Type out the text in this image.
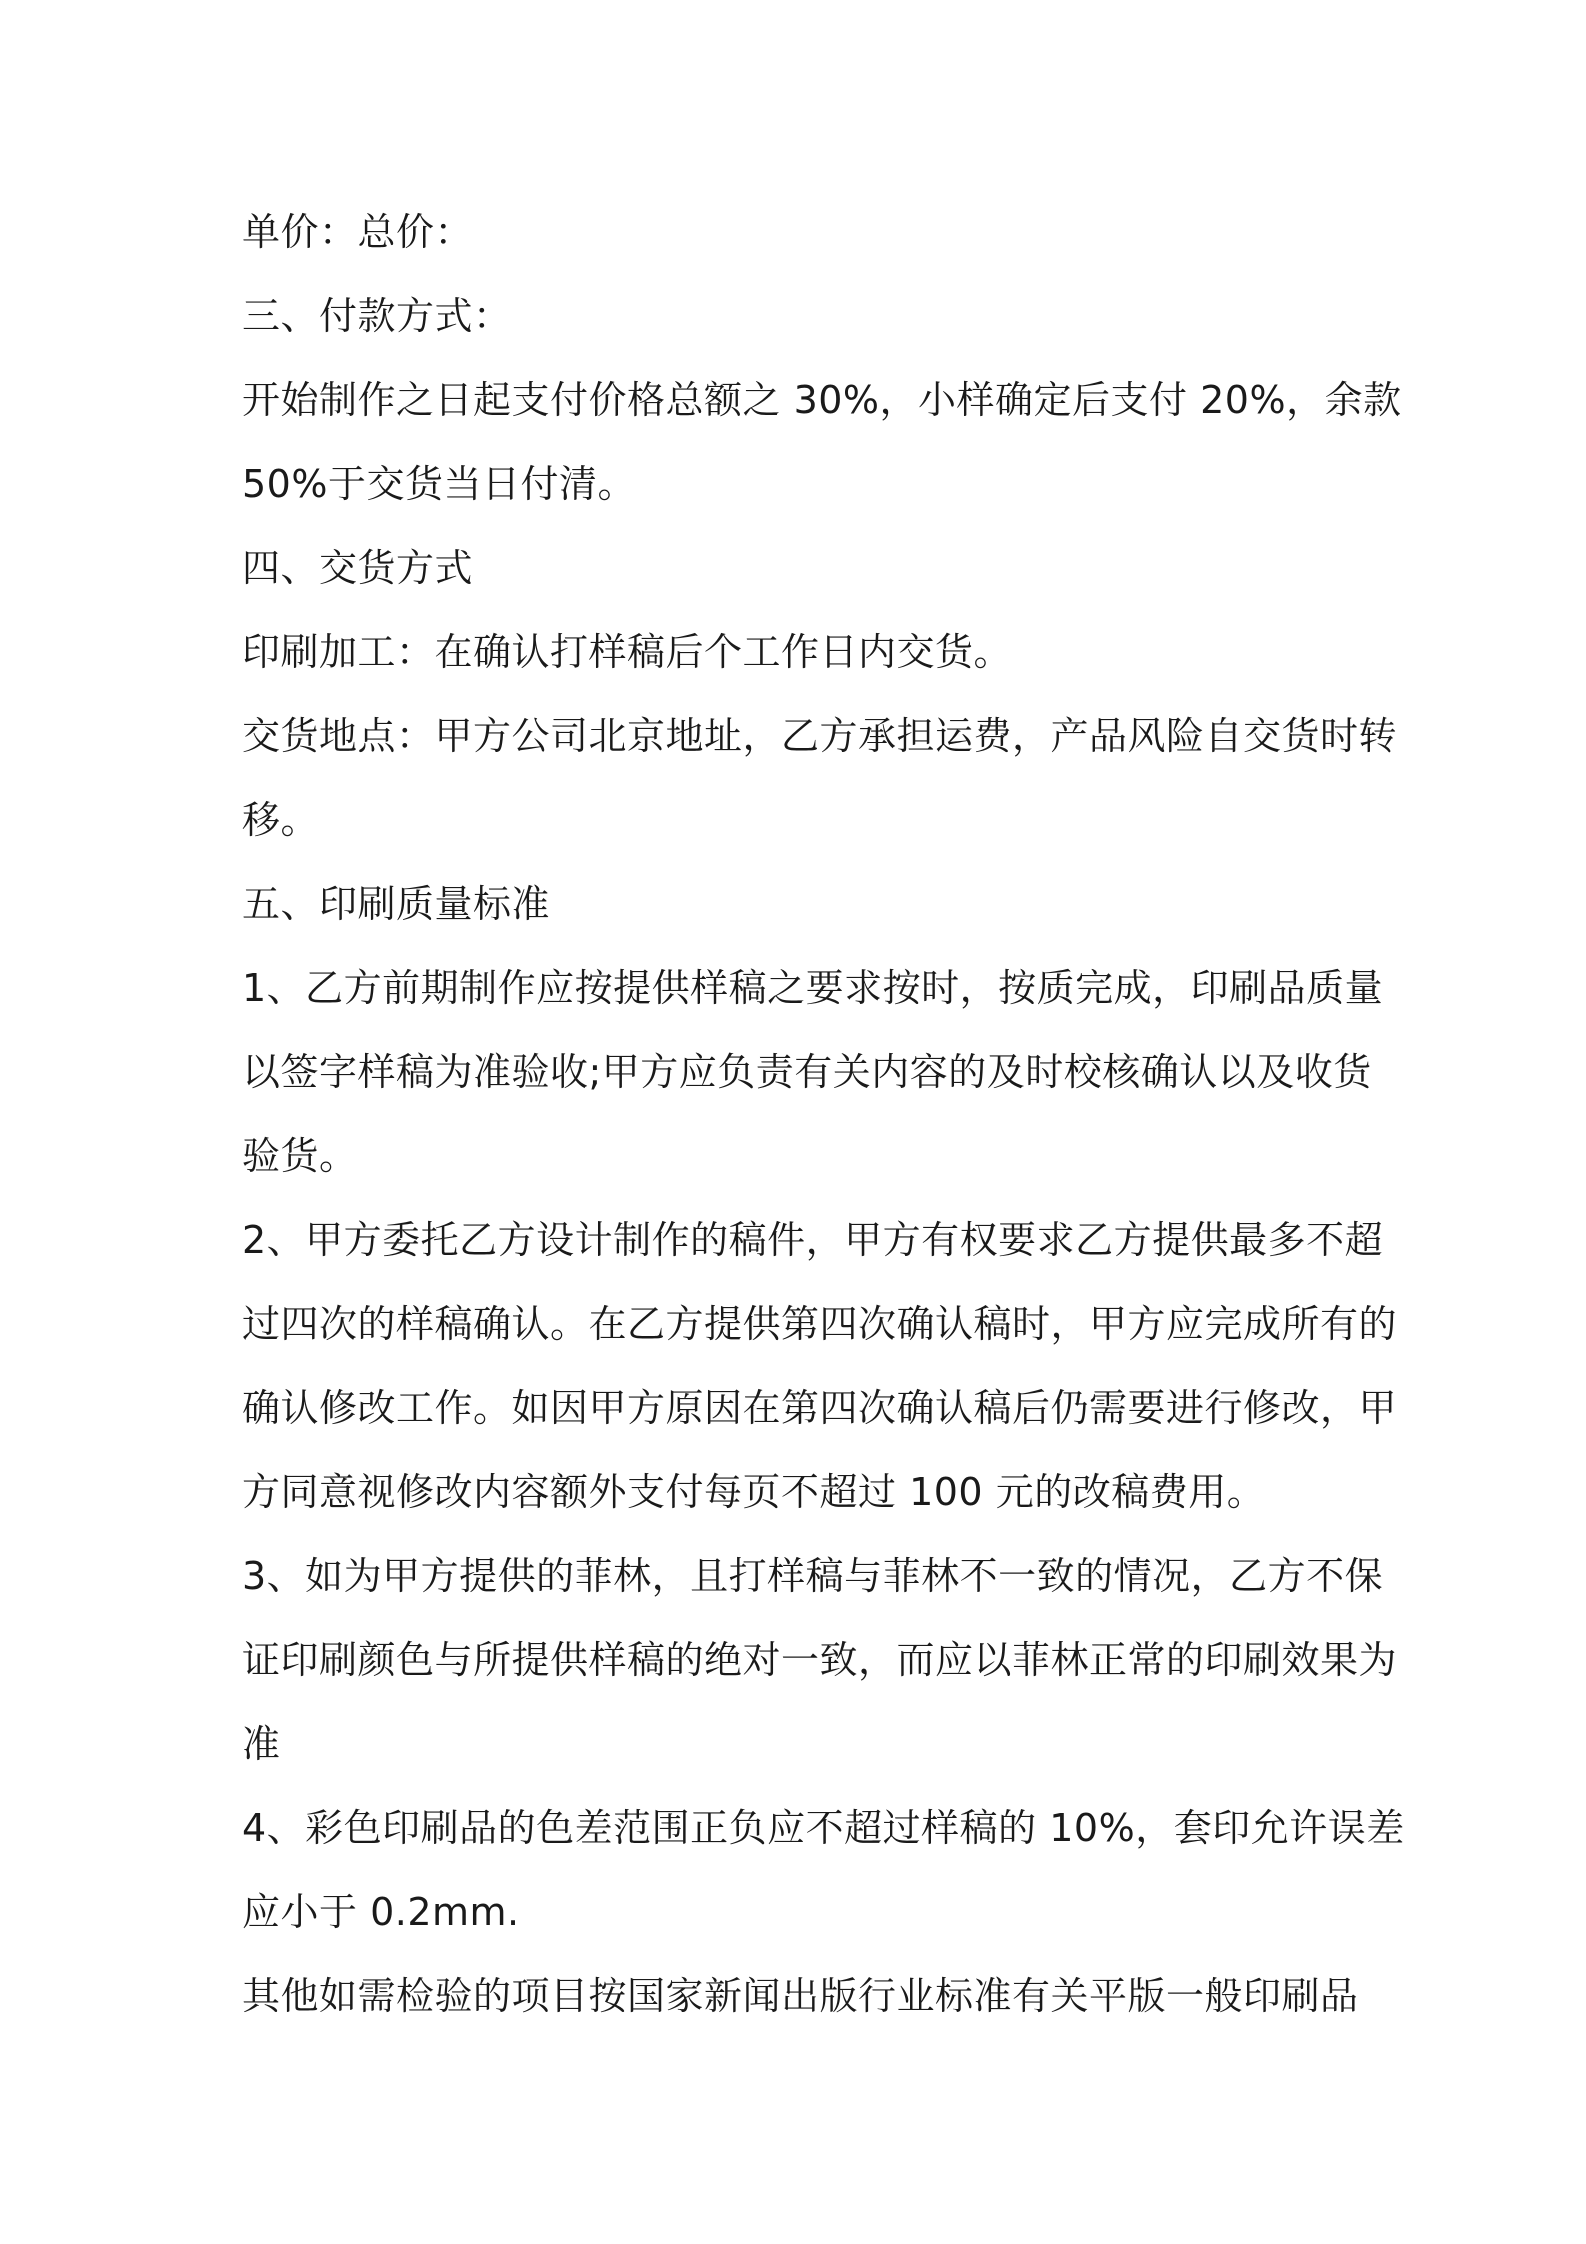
单价：总价：
三、付款方式：
开始制作之日起支付价格总额之 30%，小样确定后支付 20%，余款
50%于交货当日付清。
四、交货方式
印刷加工：在确认打样稿后个工作日内交货。
交货地点：甲方公司北京地址，乙方承担运费，产品风险自交货时转
移。
五、印刷质量标准
1、乙方前期制作应按提供样稿之要求按时，按质完成，印刷品质量
以签字样稿为准验收;甲方应负责有关内容的及时校核确认以及收货
验货。
2、甲方委托乙方设计制作的稿件，甲方有权要求乙方提供最多不超
过四次的样稿确认。在乙方提供第四次确认稿时，甲方应完成所有的
确认修改工作。如因甲方原因在第四次确认稿后仍需要进行修改，甲
方同意视修改内容额外支付每页不超过 100 元的改稿费用。
3、如为甲方提供的菲林，且打样稿与菲林不一致的情况，乙方不保
证印刷颜色与所提供样稿的绝对一致，而应以菲林正常的印刷效果为
准
4、彩色印刷品的色差范围正负应不超过样稿的 10%，套印允许误差
应小于 0.2mm.
其他如需检验的项目按国家新闻出版行业标准有关平版一般印刷品
